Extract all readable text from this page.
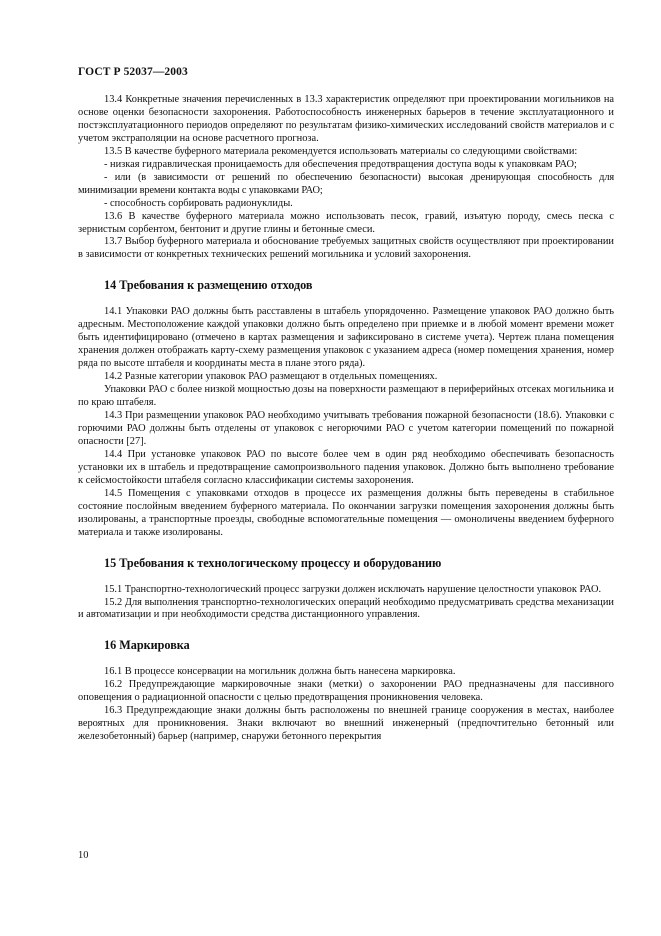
ГОСТ Р 52037—2003

13.4 Конкретные значения перечисленных в 13.3 характеристик определяют при проектировании могильников на основе оценки безопасности захоронения. Работоспособность инженерных барьеров в течение эксплуатационного и постэксплуатационного периодов определяют по результатам физико-химических исследований свойств материалов и с учетом экстраполяции на основе расчетного прогноза.

13.5 В качестве буферного материала рекомендуется использовать материалы со следующими свойствами:

- низкая гидравлическая проницаемость для обеспечения предотвращения доступа воды к упаковкам РАО;

- или (в зависимости от решений по обеспечению безопасности) высокая дренирующая способность для минимизации времени контакта воды с упаковками РАО;

- способность сорбировать радионуклиды.

13.6 В качестве буферного материала можно использовать песок, гравий, изъятую породу, смесь песка с зернистым сорбентом, бентонит и другие глины и бетонные смеси.

13.7 Выбор буферного материала и обоснование требуемых защитных свойств осуществляют при проектировании в зависимости от конкретных технических решений могильника и условий захоронения.

14 Требования к размещению отходов

14.1 Упаковки РАО должны быть расставлены в штабель упорядоченно. Размещение упаковок РАО должно быть адресным. Местоположение каждой упаковки должно быть определено при приемке и в любой момент времени может быть идентифицировано (отмечено в картах размещения и зафиксировано в системе учета). Чертеж плана помещения хранения должен отображать карту-схему размещения упаковок с указанием адреса (номер помещения хранения, номер ряда по высоте штабеля и координаты места в плане этого ряда).

14.2 Разные категории упаковок РАО размещают в отдельных помещениях.

Упаковки РАО с более низкой мощностью дозы на поверхности размещают в периферийных отсеках могильника и по краю штабеля.

14.3 При размещении упаковок РАО необходимо учитывать требования пожарной безопасности (18.6). Упаковки с горючими РАО должны быть отделены от упаковок с негорючими РАО с учетом категории помещений по пожарной опасности [27].

14.4 При установке упаковок РАО по высоте более чем в один ряд необходимо обеспечивать безопасность установки их в штабель и предотвращение самопроизвольного падения упаковок. Должно быть выполнено требование к сейсмостойкости штабеля согласно классификации системы захоронения.

14.5 Помещения с упаковками отходов в процессе их размещения должны быть переведены в стабильное состояние послойным введением буферного материала. По окончании загрузки помещения захоронения должны быть изолированы, а транспортные проезды, свободные вспомогательные помещения — омоноличены введением буферного материала и также изолированы.

15 Требования к технологическому процессу и оборудованию

15.1 Транспортно-технологический процесс загрузки должен исключать нарушение целостности упаковок РАО.

15.2 Для выполнения транспортно-технологических операций необходимо предусматривать средства механизации и автоматизации и при необходимости средства дистанционного управления.

16 Маркировка

16.1 В процессе консервации на могильник должна быть нанесена маркировка.

16.2 Предупреждающие маркировочные знаки (метки) о захоронении РАО предназначены для пассивного оповещения о радиационной опасности с целью предотвращения проникновения человека.

16.3 Предупреждающие знаки должны быть расположены по внешней границе сооружения в местах, наиболее вероятных для проникновения. Знаки включают во внешний инженерный (предпочтительно бетонный или железобетонный) барьер (например, снаружи бетонного перекрытия

10
